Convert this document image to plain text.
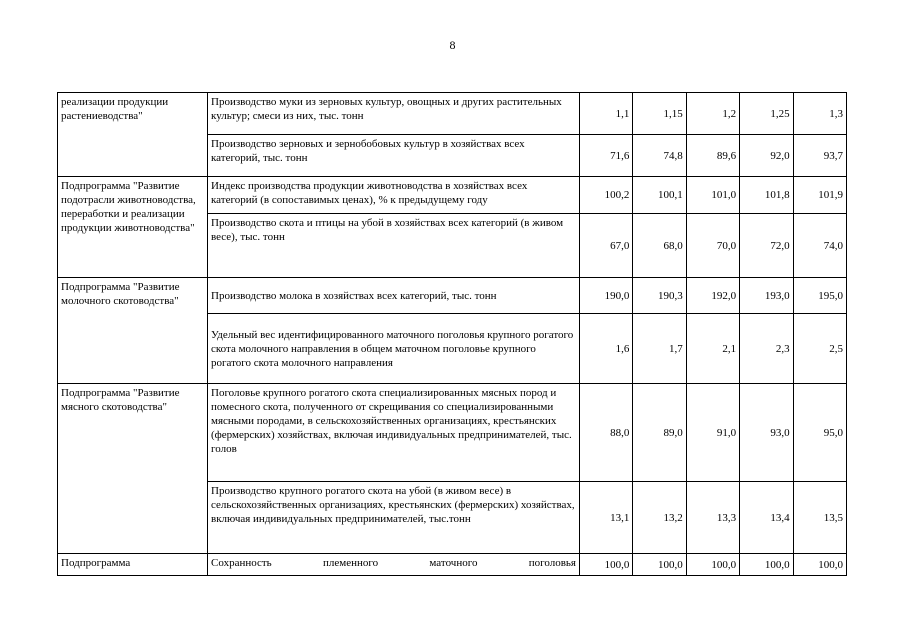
8
реализации продукции растениеводства"	Производство муки из зерновых культур, овощных и других растительных культур; смеси из них, тыс. тонн	1,1	1,15	1,2	1,25	1,3
	Производство зерновых и зернобобовых культур в хозяйствах всех категорий, тыс. тонн	71,6	74,8	89,6	92,0	93,7
Подпрограмма "Развитие подотрасли животноводства, переработки и реализации продукции животноводства"	Индекс производства продукции животноводства в хозяйствах всех категорий (в сопоставимых ценах), % к предыдущему году	100,2	100,1	101,0	101,8	101,9
	Производство скота и птицы на убой в хозяйствах всех категорий (в живом весе), тыс. тонн	67,0	68,0	70,0	72,0	74,0
Подпрограмма "Развитие молочного скотоводства"	Производство молока в хозяйствах всех категорий, тыс. тонн	190,0	190,3	192,0	193,0	195,0
	Удельный вес идентифицированного маточного поголовья крупного рогатого скота молочного направления в общем маточном поголовье крупного рогатого скота молочного направления	1,6	1,7	2,1	2,3	2,5
Подпрограмма "Развитие мясного скотоводства"	Поголовье крупного рогатого скота специализированных мясных пород и помесного скота, полученного от скрещивания со специализированными мясными породами, в сельскохозяйственных организациях, крестьянских (фермерских) хозяйствах, включая индивидуальных предпринимателей, тыс. голов	88,0	89,0	91,0	93,0	95,0
	Производство крупного рогатого скота на убой (в живом весе) в сельскохозяйственных организациях, крестьянских (фермерских) хозяйствах, включая индивидуальных предпринимателей, тыс.тонн	13,1	13,2	13,3	13,4	13,5
Подпрограмма	Сохранность племенного маточного поголовья	100,0	100,0	100,0	100,0	100,0
